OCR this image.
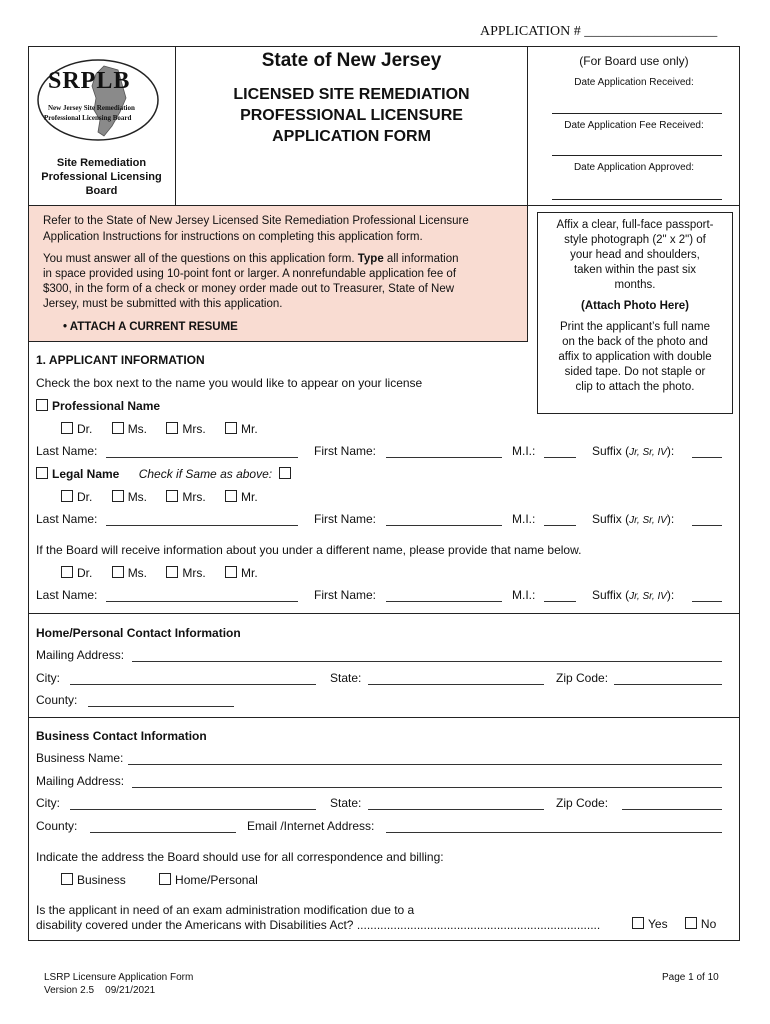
APPLICATION # ___________________
SRPLB
New Jersey Site Remediation
Professional Licensing Board
Site Remediation
Professional Licensing
Board
State of New Jersey
LICENSED SITE REMEDIATION
PROFESSIONAL LICENSURE
APPLICATION FORM
(For Board use only)
Date Application Received:
Date Application Fee Received:
Date Application Approved:
Refer to the State of New Jersey Licensed Site Remediation Professional Licensure
Application Instructions for instructions on completing this application form.
You must answer all of the questions on this application form. Type all information
in space provided using 10-point font or larger. A nonrefundable application fee of
$300, in the form of a check or money order made out to Treasurer, State of New
Jersey, must be submitted with this application.
• ATTACH A CURRENT RESUME
Affix a clear, full-face passport-
style photograph (2" x 2") of
your head and shoulders,
taken within the past six
months.
(Attach Photo Here)
Print the applicant’s full name
on the back of the photo and
affix to application with double
sided tape. Do not staple or
clip to attach the photo.
1. APPLICANT INFORMATION
Check the box next to the name you would like to appear on your license
Professional Name
Dr.	Ms.	Mrs.	Mr.
Last Name:	First Name:	M.I.:	Suffix (Jr, Sr, IV):
Legal Name Check if Same as above:
Dr.	Ms.	Mrs.	Mr.
Last Name:	First Name:	M.I.:	Suffix (Jr, Sr, IV):
If the Board will receive information about you under a different name, please provide that name below.
Dr.	Ms.	Mrs.	Mr.
Last Name:	First Name:	M.I.:	Suffix (Jr, Sr, IV):
Home/Personal Contact Information
Mailing Address:
City:	State:	Zip Code:
County:
Business Contact Information
Business Name:
Mailing Address:
City:	State:	Zip Code:
County:	Email /Internet Address:
Indicate the address the Board should use for all correspondence and billing:
Business	Home/Personal
Is the applicant in need of an exam administration modification due to a
disability covered under the Americans with Disabilities Act? .........................................................................	Yes	No
LSRP Licensure Application Form
Version 2.5    09/21/2021
Page 1 of 10
